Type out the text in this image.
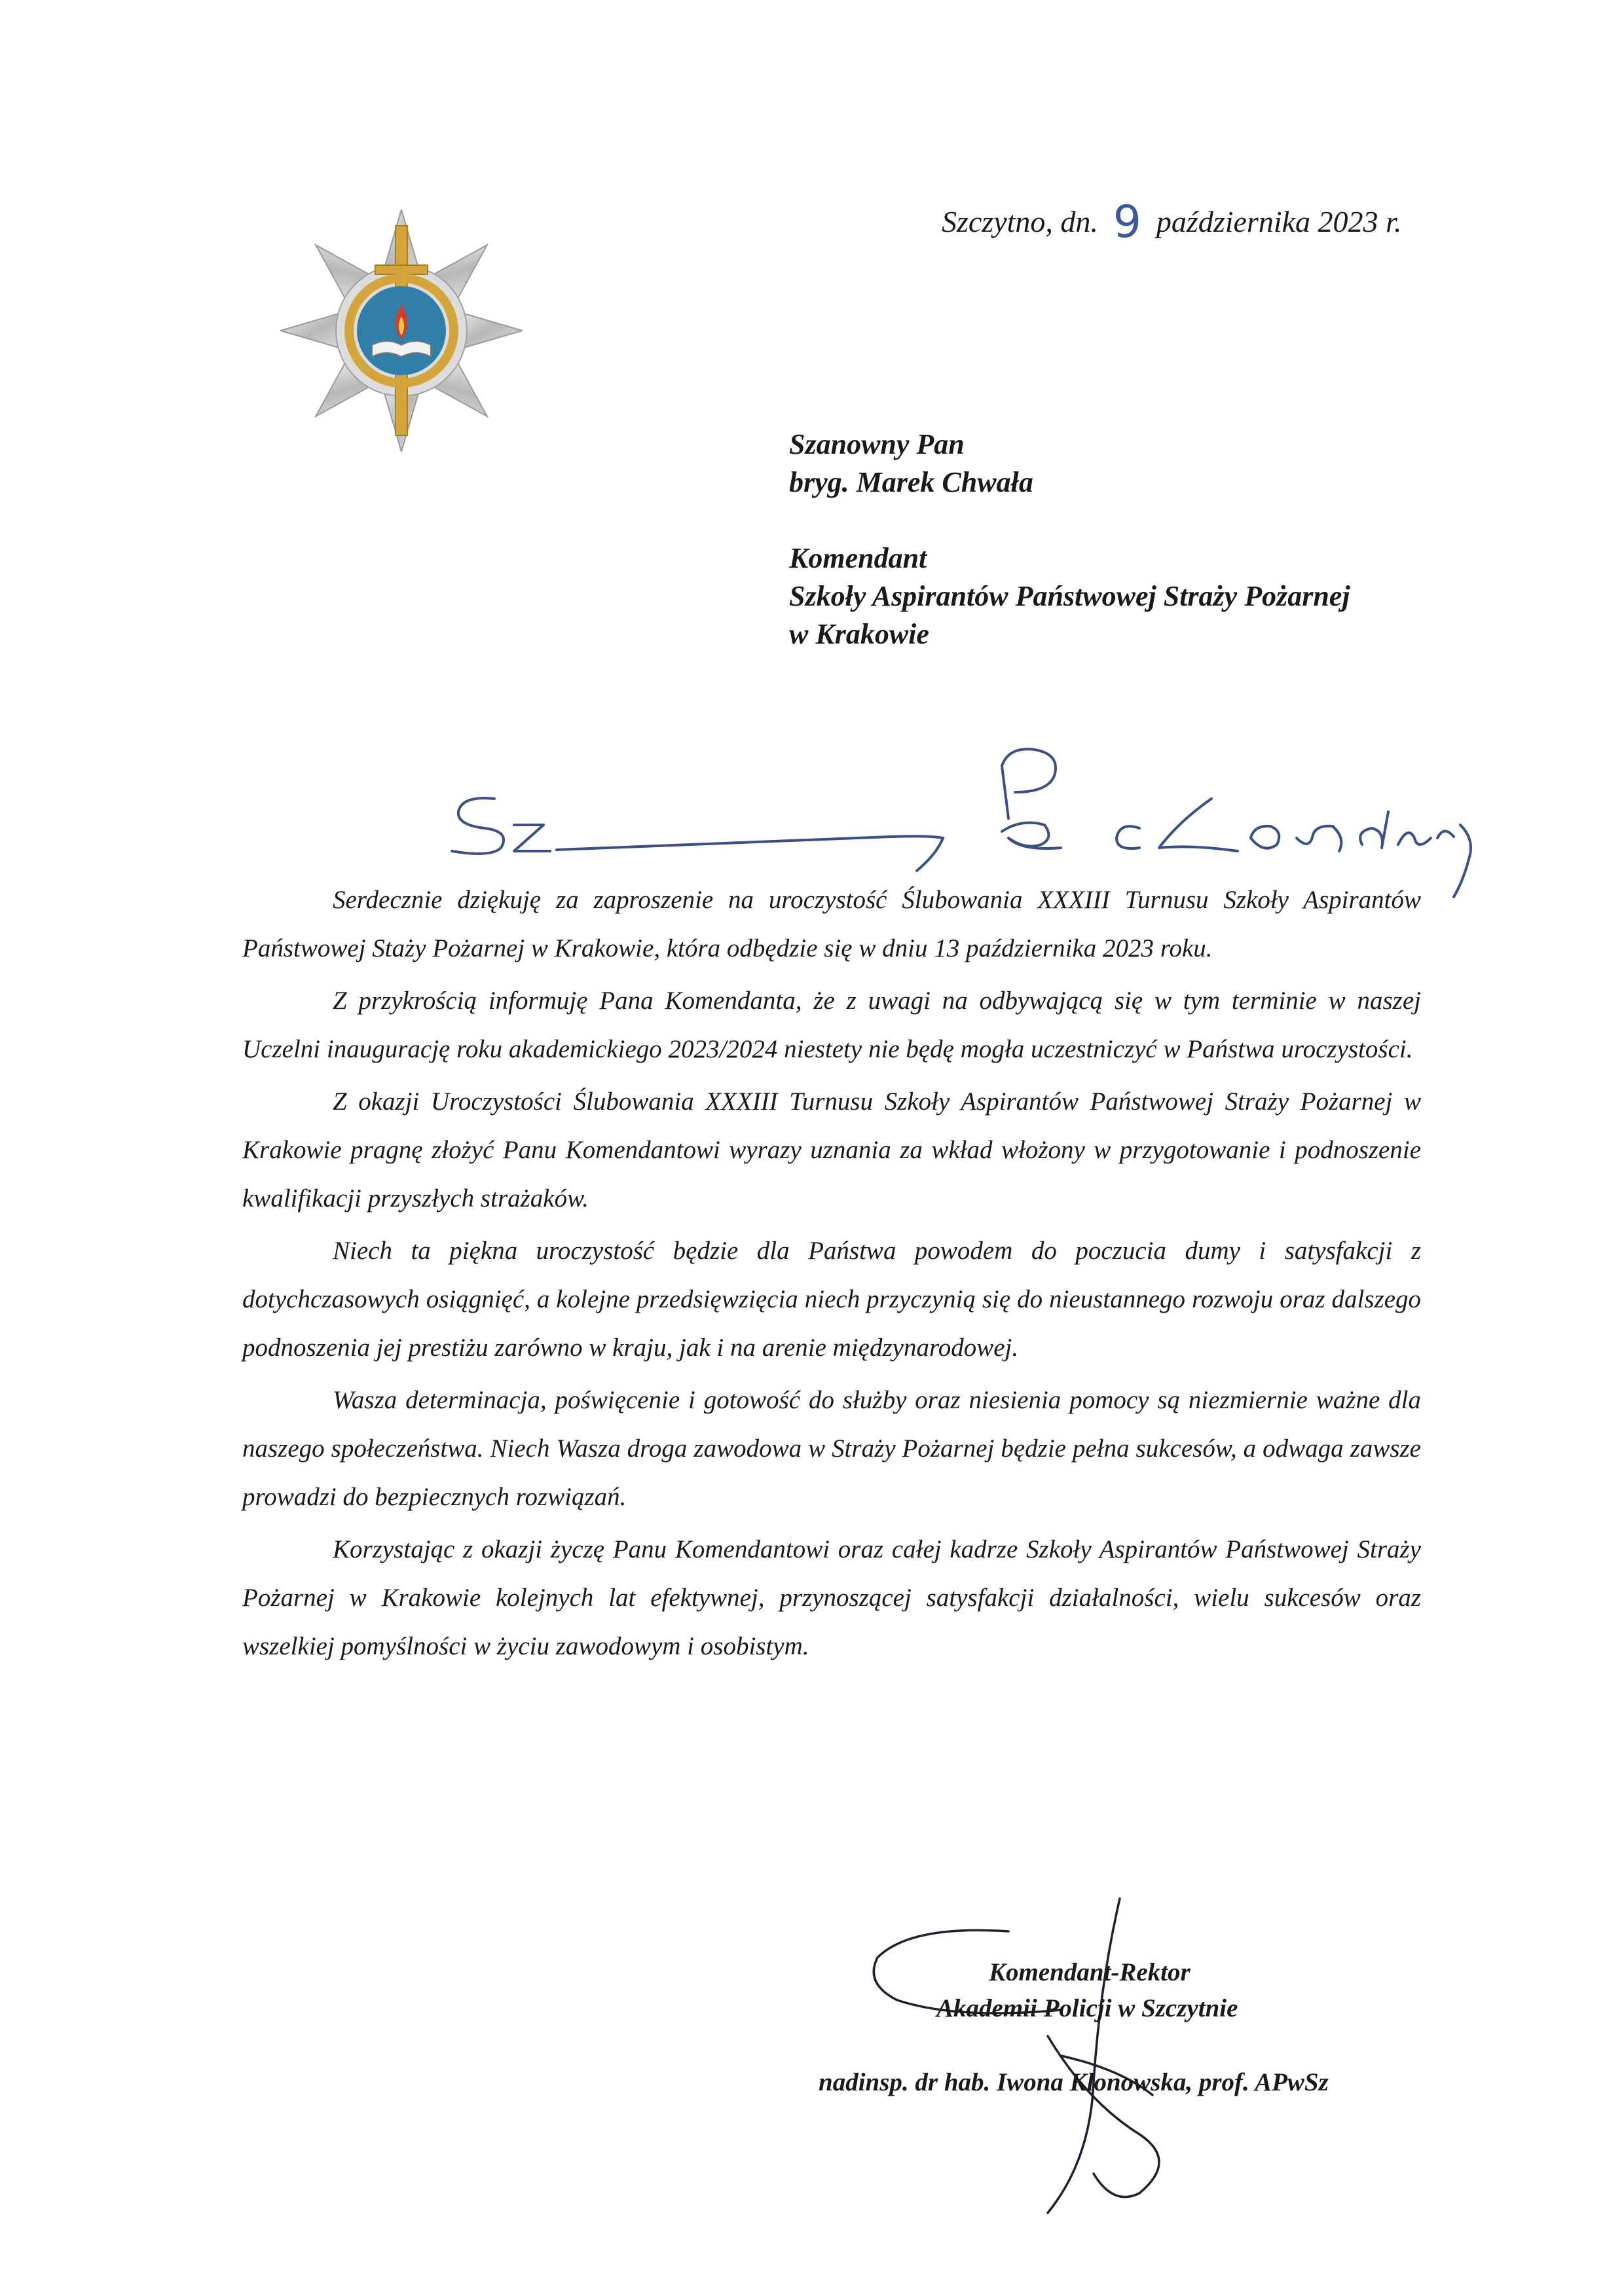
Szczytno, dn. 9 października 2023 r.
Szanowny Pan
bryg. Marek Chwała
Komendant
Szkoły Aspirantów Państwowej Straży Pożarnej
w Krakowie

Serdecznie dziękuję za zaproszenie na uroczystość Ślubowania XXXIII Turnusu Szkoły Aspirantów Państwowej Staży Pożarnej w Krakowie, która odbędzie się w dniu 13 października 2023 roku.

Z przykrością informuję Pana Komendanta, że z uwagi na odbywającą się w tym terminie w naszej Uczelni inaugurację roku akademickiego 2023/2024 niestety nie będę mogła uczestniczyć w Państwa uroczystości.

Z okazji Uroczystości Ślubowania XXXIII Turnusu Szkoły Aspirantów Państwowej Straży Pożarnej w Krakowie pragnę złożyć Panu Komendantowi wyrazy uznania za wkład włożony w przygotowanie i podnoszenie kwalifikacji przyszłych strażaków.

Niech ta piękna uroczystość będzie dla Państwa powodem do poczucia dumy i satysfakcji z dotychczasowych osiągnięć, a kolejne przedsięwzięcia niech przyczynią się do nieustannego rozwoju oraz dalszego podnoszenia jej prestiżu zarówno w kraju, jak i na arenie międzynarodowej.

Wasza determinacja, poświęcenie i gotowość do służby oraz niesienia pomocy są niezmiernie ważne dla naszego społeczeństwa. Niech Wasza droga zawodowa w Straży Pożarnej będzie pełna sukcesów, a odwaga zawsze prowadzi do bezpiecznych rozwiązań.

Korzystając z okazji życzę Panu Komendantowi oraz całej kadrze Szkoły Aspirantów Państwowej Straży Pożarnej w Krakowie kolejnych lat efektywnej, przynoszącej satysfakcji działalności, wielu sukcesów oraz wszelkiej pomyślności w życiu zawodowym i osobistym.

Komendant-Rektor
Akademii Policji w Szczytnie
nadinsp. dr hab. Iwona Klonowska, prof. APwSz
